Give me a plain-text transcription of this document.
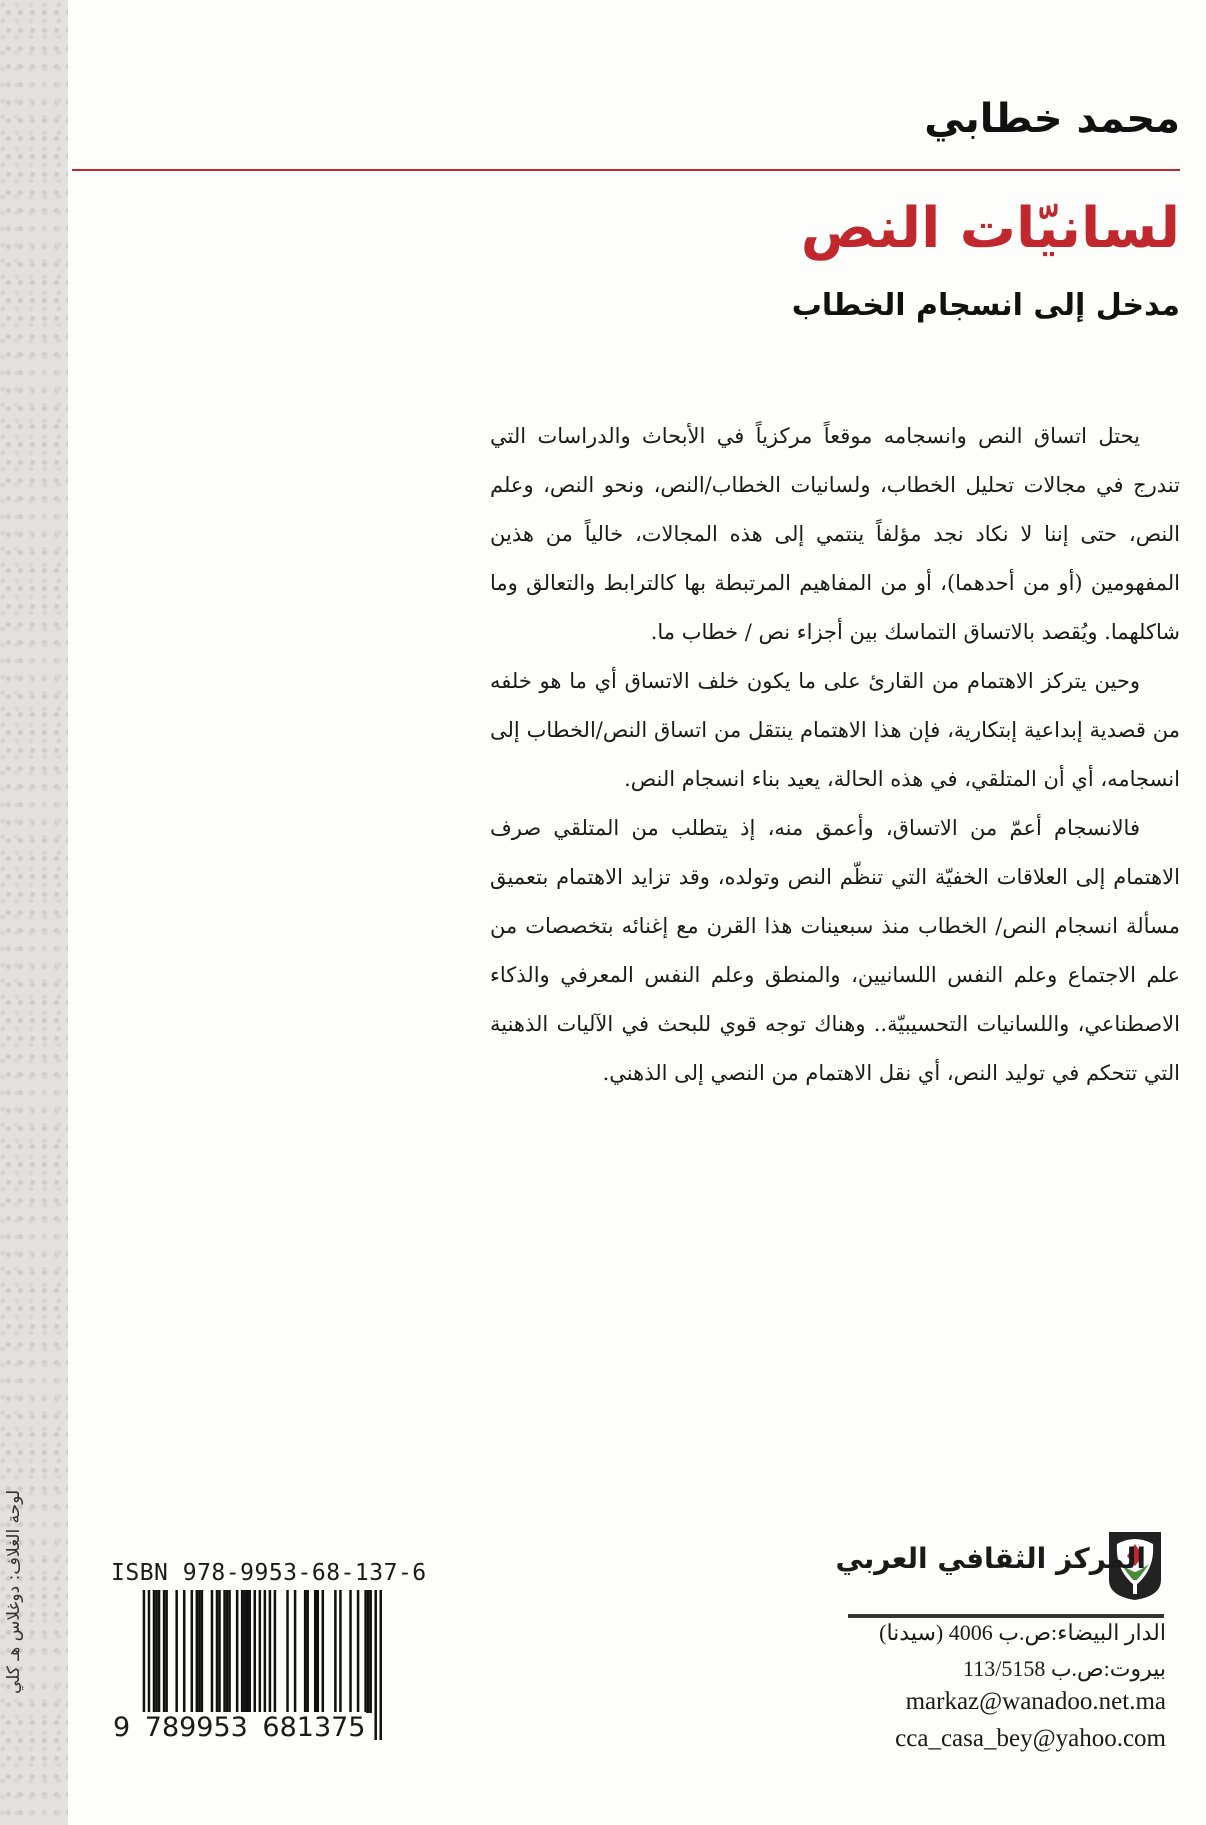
لوحة الغلاف: دوغلاس هـ كلي
محمد خطابي
لسانيّات النص
مدخل إلى انسجام الخطاب

يحتل اتساق النص وانسجامه موقعاً مركزياً في الأبحاث والدراسات التي تندرج في مجالات تحليل الخطاب، ولسانيات الخطاب/النص، ونحو النص، وعلم النص، حتى إننا لا نكاد نجد مؤلفاً ينتمي إلى هذه المجالات، خالياً من هذين المفهومين (أو من أحدهما)، أو من المفاهيم المرتبطة بها كالترابط والتعالق وما شاكلهما. ويُقصد بالاتساق التماسك بين أجزاء نص / خطاب ما.

وحين يتركز الاهتمام من القارئ على ما يكون خلف الاتساق أي ما هو خلفه من قصدية إبداعية إبتكارية، فإن هذا الاهتمام ينتقل من اتساق النص/الخطاب إلى انسجامه، أي أن المتلقي، في هذه الحالة، يعيد بناء انسجام النص.

فالانسجام أعمّ من الاتساق، وأعمق منه، إذ يتطلب من المتلقي صرف الاهتمام إلى العلاقات الخفيّة التي تنظّم النص وتولده، وقد تزايد الاهتمام بتعميق مسألة انسجام النص/ الخطاب منذ سبعينات هذا القرن مع إغنائه بتخصصات من علم الاجتماع وعلم النفس اللسانيين، والمنطق وعلم النفس المعرفي والذكاء الاصطناعي، واللسانيات التحسيبيّة.. وهناك توجه قوي للبحث في الآليات الذهنية التي تتحكم في توليد النص، أي نقل الاهتمام من النصي إلى الذهني.

المركز الثقافي العربي
الدار البيضاء:ص.ب 4006 (سيدنا)
بيروت:ص.ب 113/5158
markaz@wanadoo.net.ma
cca_casa_bey@yahoo.com
ISBN 978-9953-68-137-6
9 789953 681375
